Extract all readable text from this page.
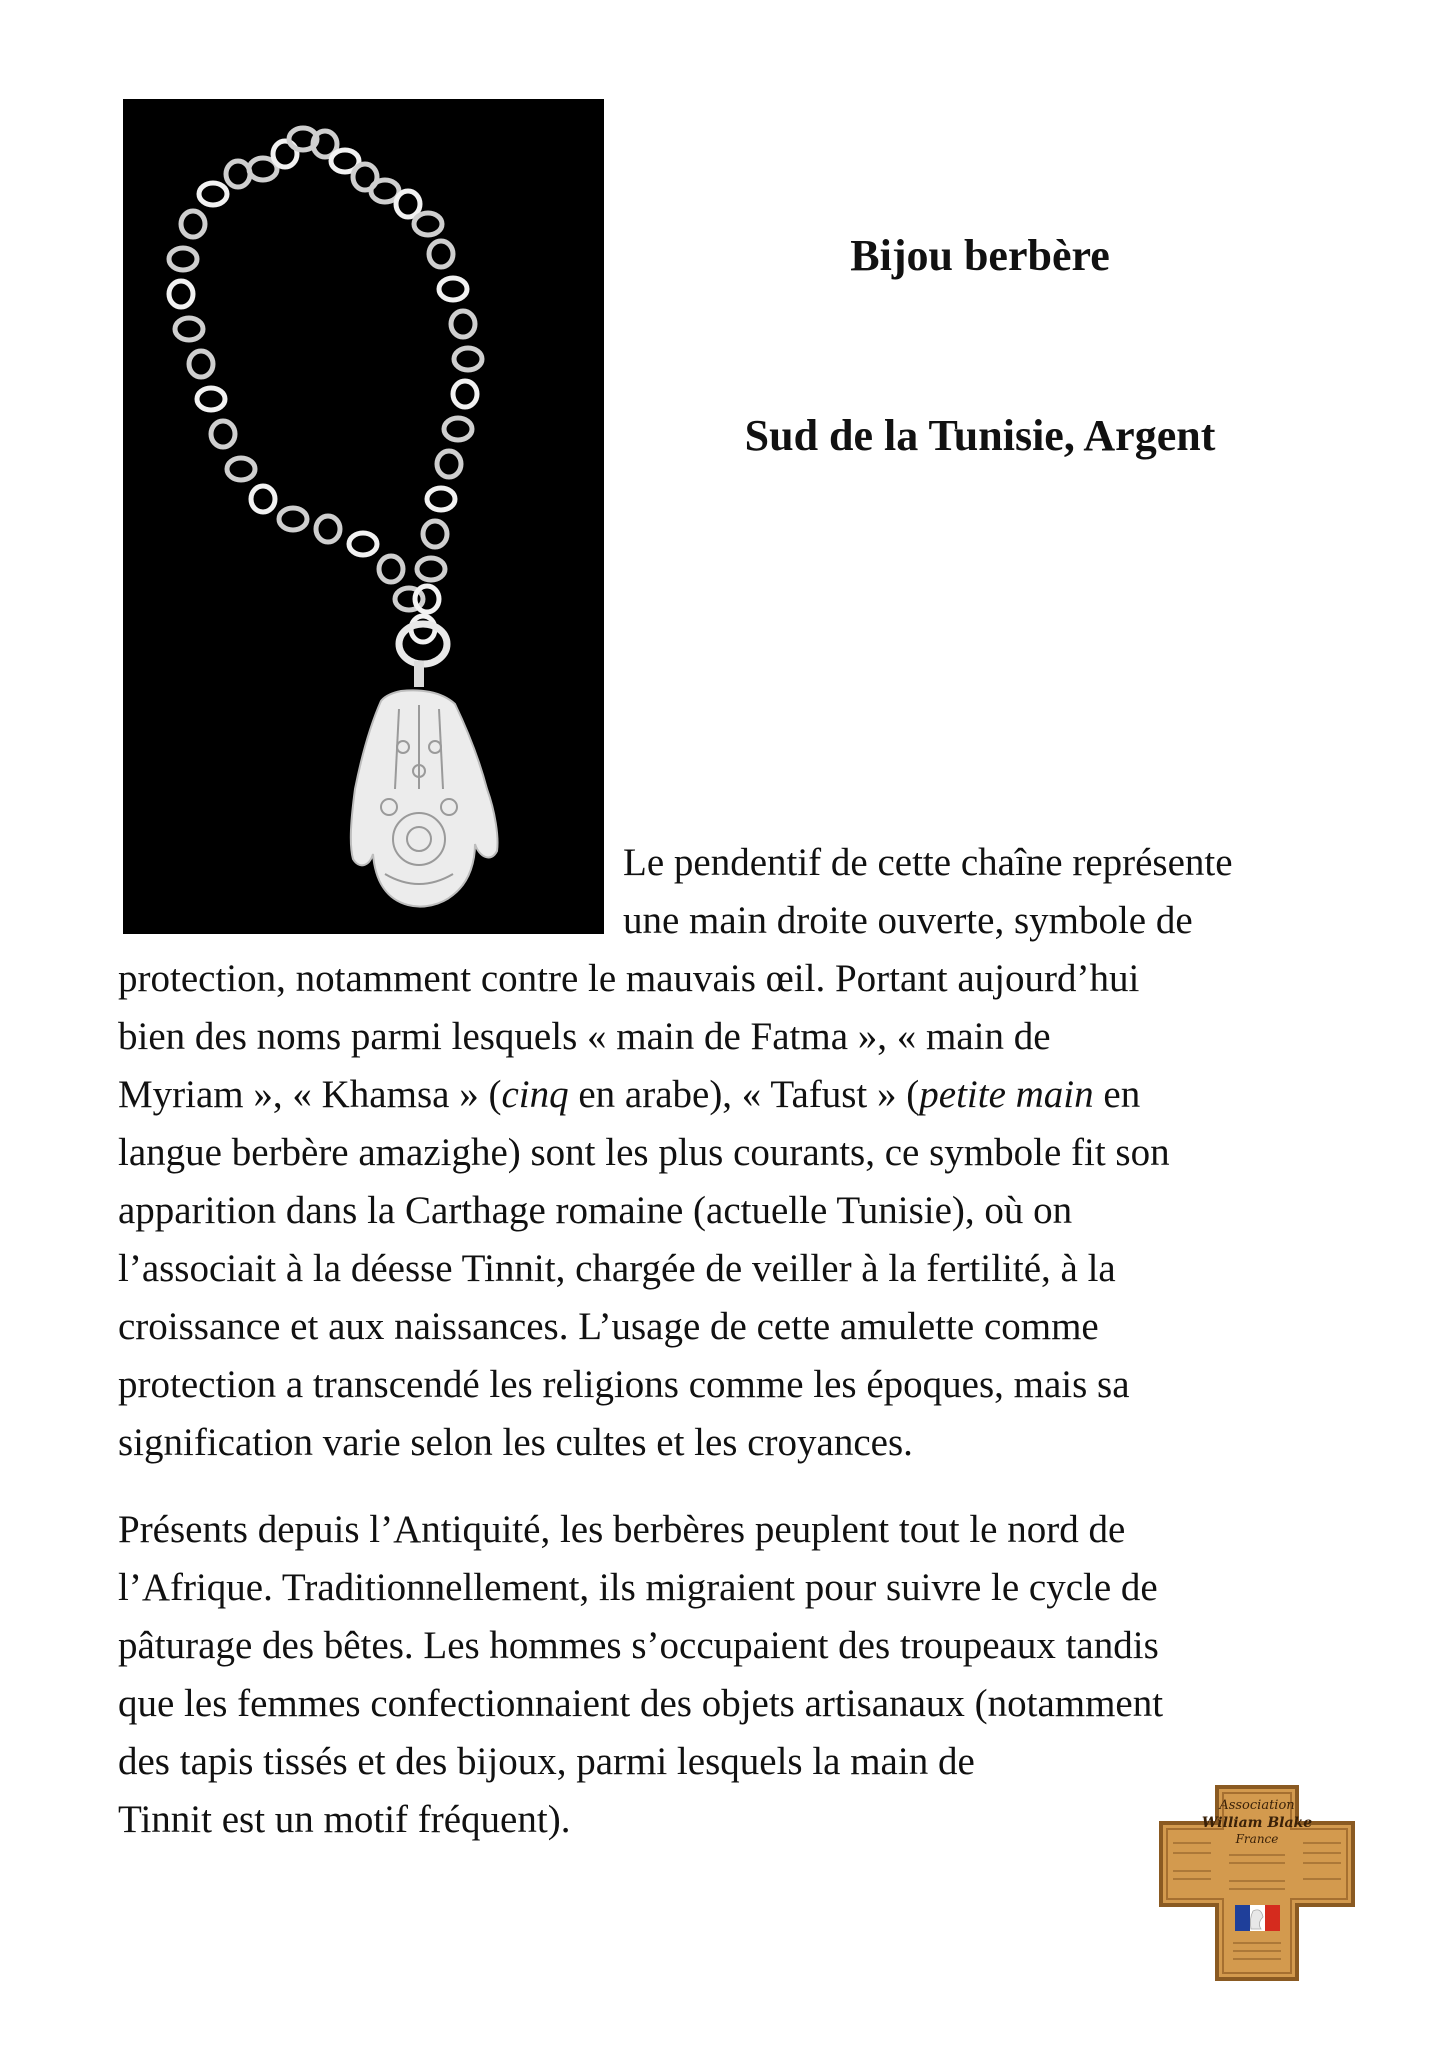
Bijou berbère
Sud de la Tunisie, Argent
Le pendentif de cette chaîne représente
une main droite ouverte, symbole de
protection, notamment contre le mauvais œil. Portant aujourd’hui
bien des noms parmi lesquels « main de Fatma », « main de
Myriam », « Khamsa » (cinq en arabe), « Tafust » (petite main en
langue berbère amazighe) sont les plus courants, ce symbole fit son
apparition dans la Carthage romaine (actuelle Tunisie), où on
l’associait à la déesse Tinnit, chargée de veiller à la fertilité, à la
croissance et aux naissances. L’usage de cette amulette comme
protection a transcendé les religions comme les époques, mais sa
signification varie selon les cultes et les croyances.
Présents depuis l’Antiquité, les berbères peuplent tout le nord de
l’Afrique. Traditionnellement, ils migraient pour suivre le cycle de
pâturage des bêtes. Les hommes s’occupaient des troupeaux tandis
que les femmes confectionnaient des objets artisanaux (notamment
des tapis tissés et des bijoux, parmi lesquels la main de
Tinnit est un motif fréquent).	Association
William Blake
France
